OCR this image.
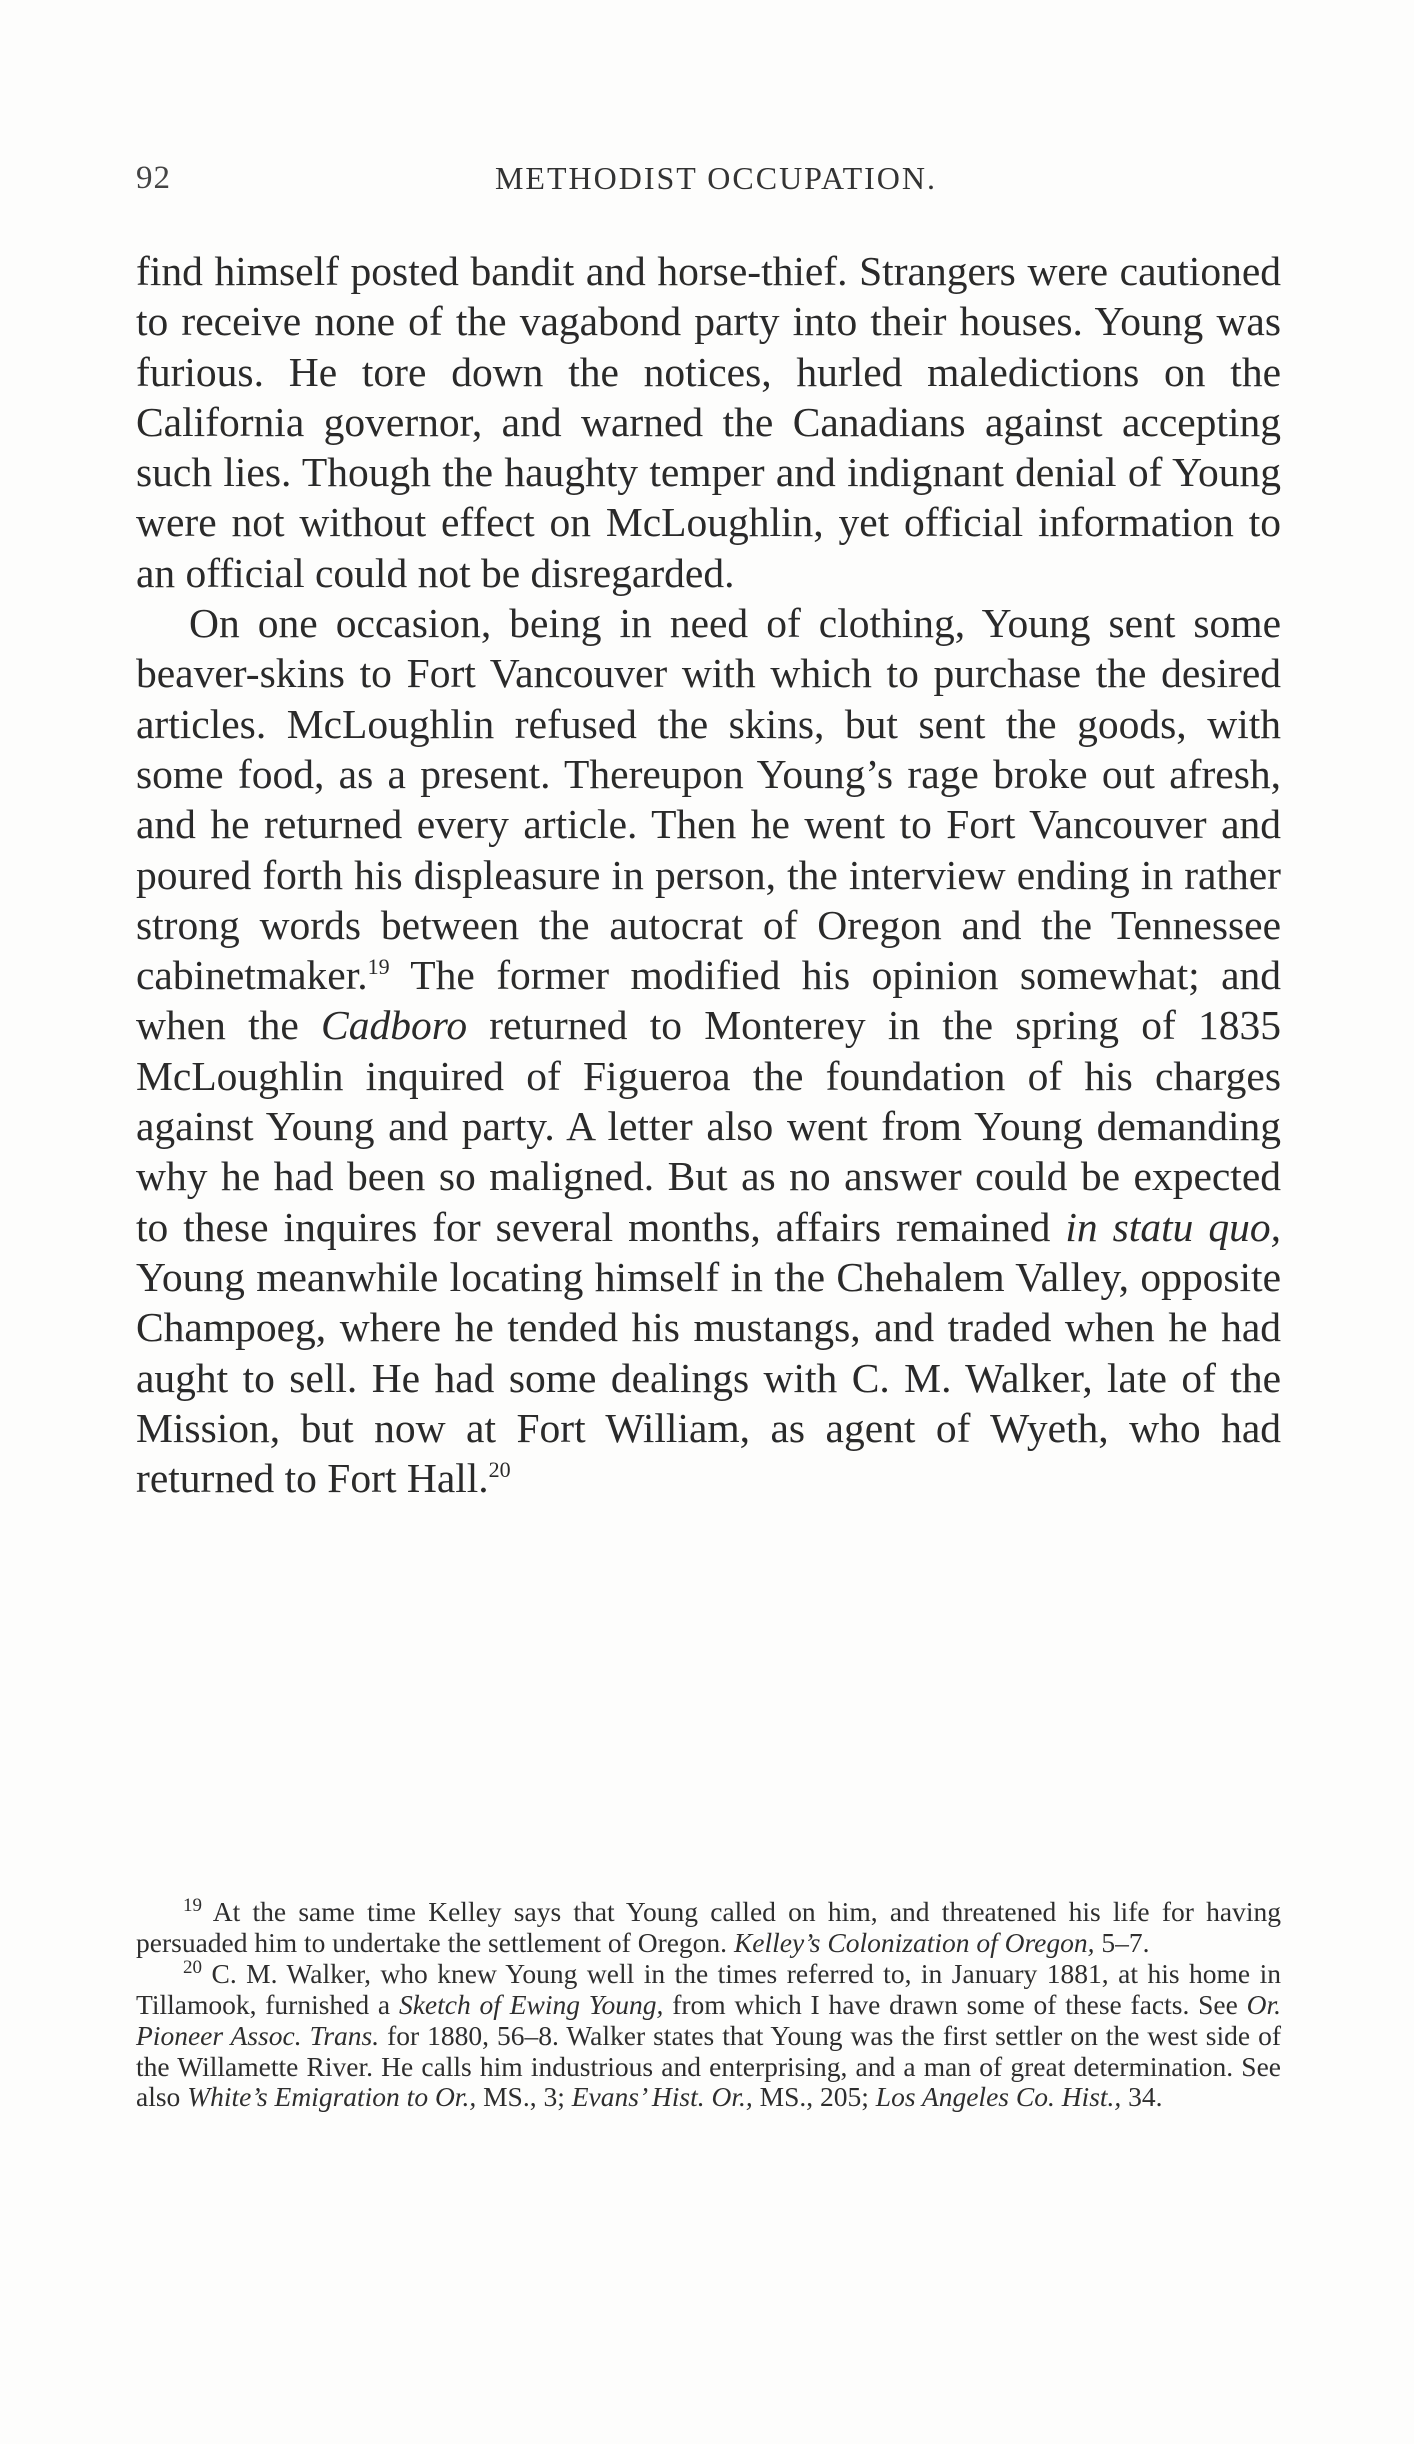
92	METHODIST OCCUPATION.

find himself posted bandit and horse-thief. Strangers were cautioned to receive none of the vagabond party into their houses. Young was furious. He tore down the notices, hurled maledictions on the California governor, and warned the Canadians against accepting such lies. Though the haughty temper and indignant denial of Young were not without effect on McLoughlin, yet official information to an official could not be disregarded.

On one occasion, being in need of clothing, Young sent some beaver-skins to Fort Vancouver with which to purchase the desired articles. McLoughlin refused the skins, but sent the goods, with some food, as a present. Thereupon Young’s rage broke out afresh, and he returned every article. Then he went to Fort Vancouver and poured forth his displeasure in person, the interview ending in rather strong words between the autocrat of Oregon and the Tennessee cabinetmaker.$^{19}$ The former modified his opinion somewhat; and when the Cadboro returned to Monterey in the spring of 1835 McLoughlin inquired of Figueroa the foundation of his charges against Young and party. A letter also went from Young demanding why he had been so maligned. But as no answer could be expected to these inquires for several months, affairs remained in statu quo, Young meanwhile locating himself in the Chehalem Valley, opposite Champoeg, where he tended his mustangs, and traded when he had aught to sell. He had some dealings with C. M. Walker, late of the Mission, but now at Fort William, as agent of Wyeth, who had returned to Fort Hall.$^{20}$

$^{19}$ At the same time Kelley says that Young called on him, and threatened his life for having persuaded him to undertake the settlement of Oregon. Kelley’s Colonization of Oregon, 5–7.

$^{20}$ C. M. Walker, who knew Young well in the times referred to, in January 1881, at his home in Tillamook, furnished a Sketch of Ewing Young, from which I have drawn some of these facts. See Or. Pioneer Assoc. Trans. for 1880, 56–8. Walker states that Young was the first settler on the west side of the Willamette River. He calls him industrious and enterprising, and a man of great determination. See also White’s Emigration to Or., MS., 3; Evans’ Hist. Or., MS., 205; Los Angeles Co. Hist., 34.
